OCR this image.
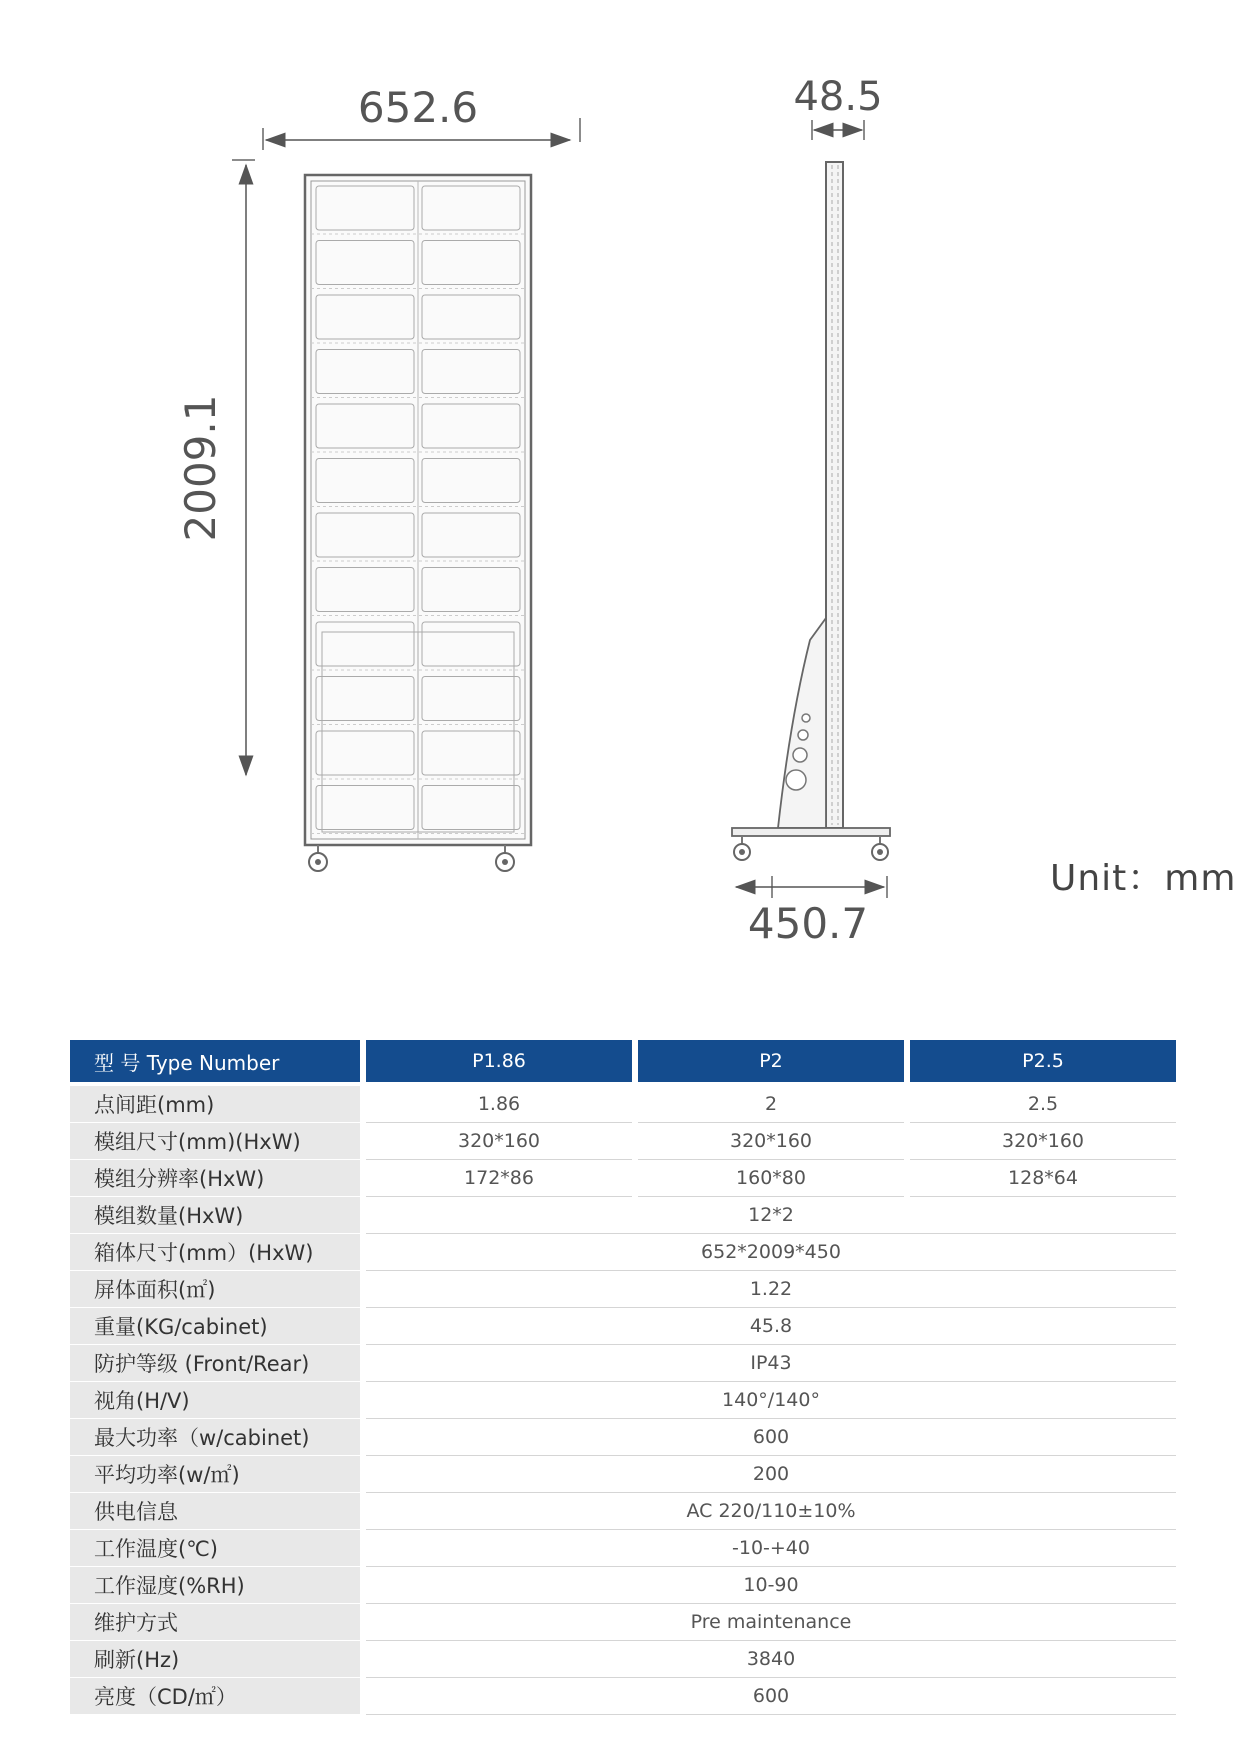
652.6
2009.1
48.5
450.7
Unit：mm
型 号 Type Number	P1.86	P2	P2.5
点间距(mm)	1.86	2	2.5
模组尺寸(mm)(HxW)	320*160	320*160	320*160
模组分辨率(HxW)	172*86	160*80	128*64
模组数量(HxW)	12*2		
箱体尺寸(mm）(HxW)	652*2009*450		
屏体面积(㎡)	1.22		
重量(KG/cabinet)	45.8		
防护等级 (Front/Rear)	IP43		
视角(H/V)	140°/140°		
最大功率（w/cabinet)	600		
平均功率(w/㎡)	200		
供电信息	AC 220/110±10%		
工作温度(℃)	-10-+40		
工作湿度(%RH)	10-90		
维护方式	Pre maintenance		
刷新(Hz)	3840		
亮度（CD/㎡）	600		
